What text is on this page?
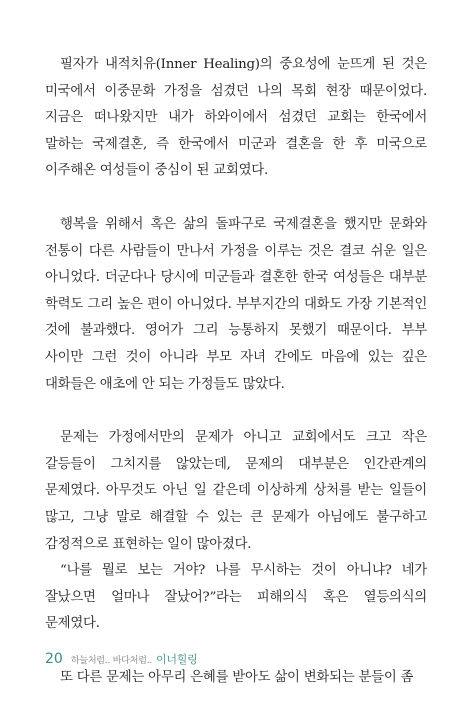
필자가 내적치유(Inner Healing)의 중요성에 눈뜨게 된 것은 미국에서 이중문화 가정을 섬겼던 나의 목회 현장 때문이었다. 지금은 떠나왔지만 내가 하와이에서 섬겼던 교회는 한국에서 말하는 국제결혼, 즉 한국에서 미군과 결혼을 한 후 미국으로 이주해온 여성들이 중심이 된 교회였다.

행복을 위해서 혹은 삶의 돌파구로 국제결혼을 했지만 문화와 전통이 다른 사람들이 만나서 가정을 이루는 것은 결코 쉬운 일은 아니었다. 더군다나 당시에 미군들과 결혼한 한국 여성들은 대부분 학력도 그리 높은 편이 아니었다. 부부지간의 대화도 가장 기본적인 것에 불과했다. 영어가 그리 능통하지 못했기 때문이다. 부부 사이만 그런 것이 아니라 부모 자녀 간에도 마음에 있는 깊은 대화들은 애초에 안 되는 가정들도 많았다.

문제는 가정에서만의 문제가 아니고 교회에서도 크고 작은 갈등들이 그치지를 않았는데, 문제의 대부분은 인간관계의 문제였다. 아무것도 아닌 일 같은데 이상하게 상처를 받는 일들이 많고, 그냥 말로 해결할 수 있는 큰 문제가 아님에도 불구하고 감정적으로 표현하는 일이 많아졌다.

“나를 뭘로 보는 거야? 나를 무시하는 것이 아니냐? 네가 잘났으면 얼마나 잘났어?”라는 피해의식 혹은 열등의식의 문제였다.

또 다른 문제는 아무리 은혜를 받아도 삶이 변화되는 분들이 좀

20 하늘처럼.. 바다처럼.. 이너힐링
